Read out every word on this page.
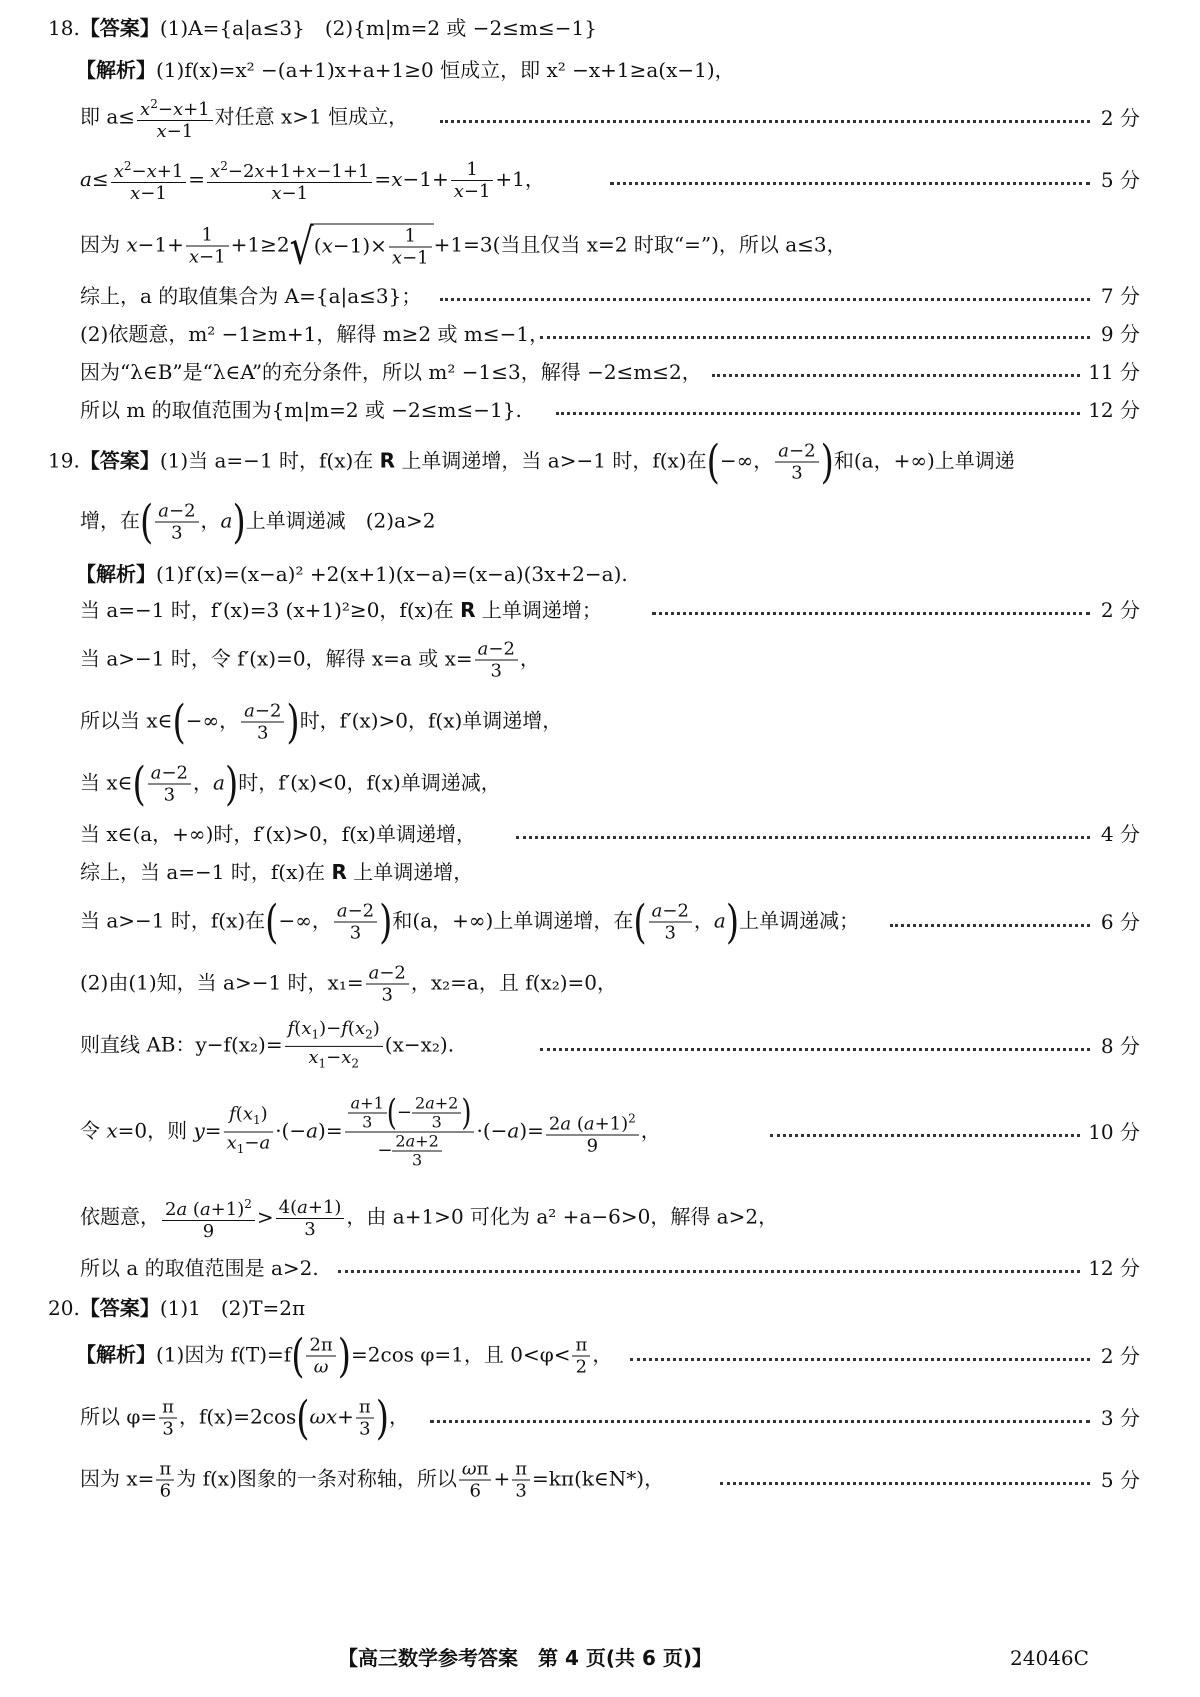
18.【答案】(1)A={a|a≤3}　(2){m|m=2 或 −2≤m≤−1}
【解析】(1)f(x)=x² −(a+1)x+a+1≥0 恒成立，即 x² −x+1≥a(x−1)，
即 $a\le \frac{x^2-x+1}{x-1}$ 对任意 x>1 恒成立，	2 分
$a\le \frac{x^2-x+1}{x-1} = \frac{x^2-2x+1+x-1+1}{x-1} =x-1+ \frac{1}{x-1} +1$，	5 分
因为 $x-1+ \frac{1}{x-1} +1\ge 2√(x-1)\times \frac{1}{x-1} +1=3$(当且仅当 x=2 时取“=”)，所以 a≤3，
综上，a 的取值集合为 A={a|a≤3}；	7 分
(2)依题意，m² −1≥m+1，解得 m≥2 或 m≤−1，	9 分
因为“λ∈B”是“λ∈A”的充分条件，所以 m² −1≤3，解得 −2≤m≤2，	11 分
所以 m 的取值范围为{m|m=2 或 −2≤m≤−1}.	12 分
19.【答案】(1)当 a=−1 时，f(x)在 R 上单调递增，当 a>−1 时，f(x)在(−∞， $\frac{a-2}{3}$ )和(a，+∞)上单调递
增，在( $\frac{a-2}{3}$ ，a)上单调递减　(2)a>2
【解析】(1)f′(x)=(x−a)² +2(x+1)(x−a)=(x−a)(3x+2−a).
当 a=−1 时，f′(x)=3 (x+1)²≥0，f(x)在 R 上单调递增；	2 分
当 a>−1 时，令 f′(x)=0，解得 x=a 或 $x= \frac{a-2}{3}$ ，
所以当 x∈(−∞， $\frac{a-2}{3}$ )时，f′(x)>0，f(x)单调递增，
当 x∈( $\frac{a-2}{3}$ ，a)时，f′(x)<0，f(x)单调递减，
当 x∈(a，+∞)时，f′(x)>0，f(x)单调递增，	4 分
综上，当 a=−1 时，f(x)在 R 上单调递增，
当 a>−1 时，f(x)在(−∞， $\frac{a-2}{3}$ )和(a，+∞)上单调递增，在( $\frac{a-2}{3}$ ，a)上单调递减；	6 分
(2)由(1)知，当 a>−1 时，$x_1= \frac{a-2}{3}$ ，x₂=a，且 f(x₂)=0，
则直线 AB：$y-f(x_2)= \frac{f(x_1)-f(x_2)}{x_1-x_2} (x-x_2)$.	8 分
令 x=0，则 $y= \frac{f(x_1)}{x_1-a} \cdot(-a)= \frac{\frac{a+1}{3} (- \frac{2a+2}{3} )}{- \frac{2a+2}{3}} \cdot(-a)= \frac{2a (a+1)^2}{9}$ ，	10 分
依题意， $\frac{2a (a+1)^2}{9} > \frac{4(a+1)}{3}$ ，由 a+1>0 可化为 a² +a−6>0，解得 a>2，
所以 a 的取值范围是 a>2.	12 分
20.【答案】(1)1　(2)T=2π
【解析】(1)因为 $f(T)=f( \frac{2\pi}{\omega} )=2\cos$ φ=1，且 $0<\varphi< \frac{\pi}{2}$ ，	2 分
所以 $\varphi= \frac{\pi}{3}$ ，$f(x)=2\cos(\omega x+ \frac{\pi}{3}$ )，	3 分
因为 $x= \frac{\pi}{6}$ 为 f(x)图象的一条对称轴，所以 $\frac{\omega\pi}{6} + \frac{\pi}{3}$ =kπ(k∈N*)，	5 分
【高三数学参考答案　第 4 页(共 6 页)】	24046C
